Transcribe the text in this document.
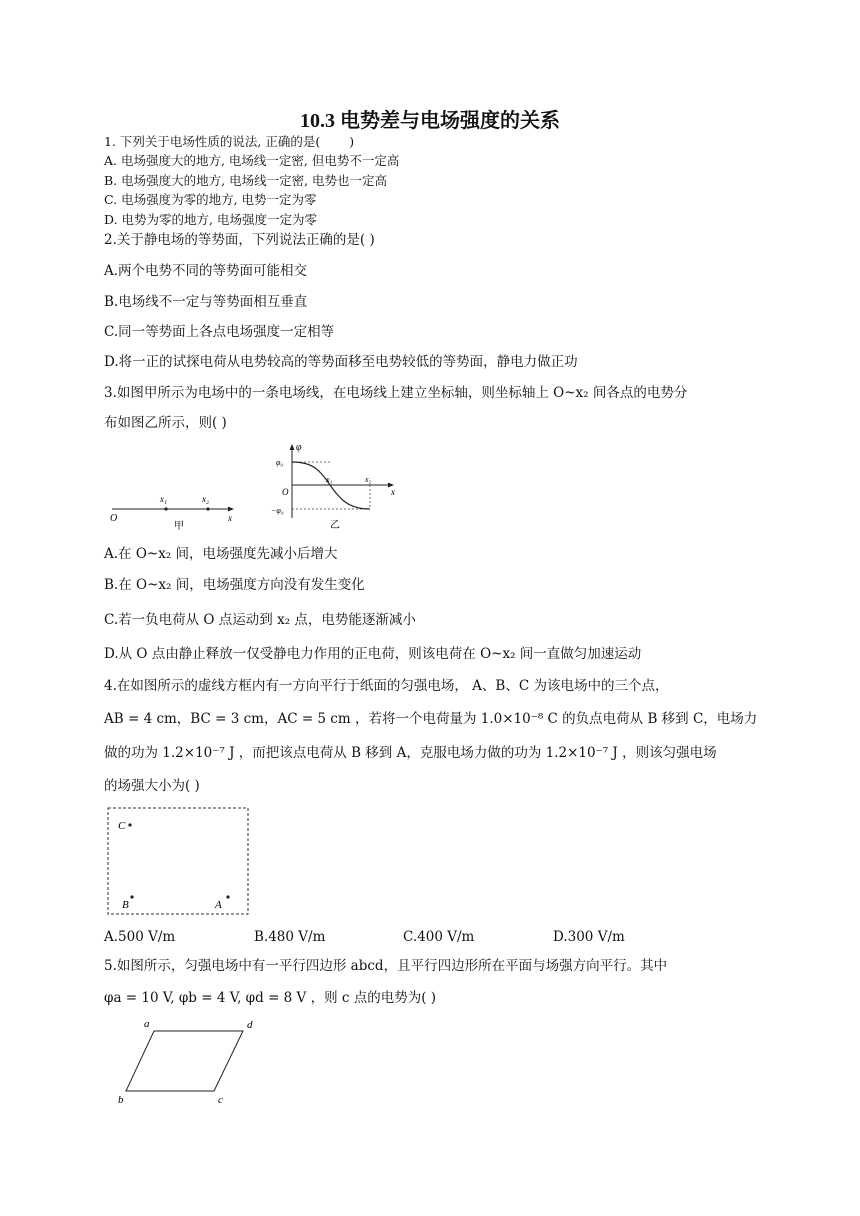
10.3 电势差与电场强度的关系
1. 下列关于电场性质的说法, 正确的是(　　 )
A. 电场强度大的地方, 电场线一定密, 但电势不一定高
B. 电场强度大的地方, 电场线一定密, 电势也一定高
C. 电场强度为零的地方, 电势一定为零
D. 电势为零的地方, 电场强度一定为零
2.关于静电场的等势面，下列说法正确的是( )
A.两个电势不同的等势面可能相交
B.电场线不一定与等势面相互垂直
C.同一等势面上各点电场强度一定相等
D.将一正的试探电荷从电势较高的等势面移至电势较低的等势面，静电力做正功
3.如图甲所示为电场中的一条电场线，在电场线上建立坐标轴，则坐标轴上 O~x₂ 间各点的电势分
布如图乙所示，则( )
O
x₁	x₂
x
甲
φ
φ₀
O
−φ₀
x₁	x₂
x
乙
A.在 O~x₂ 间，电场强度先减小后增大
B.在 O~x₂ 间，电场强度方向没有发生变化
C.若一负电荷从 O 点运动到 x₂ 点，电势能逐渐减小
D.从 O 点由静止释放一仅受静电力作用的正电荷，则该电荷在 O~x₂ 间一直做匀加速运动
4.在如图所示的虚线方框内有一方向平行于纸面的匀强电场， A、B、C 为该电场中的三个点，
AB = 4 cm，BC = 3 cm，AC = 5 cm ，若将一个电荷量为 1.0×10⁻⁸ C 的负点电荷从 B 移到 C，电场力
做的功为 1.2×10⁻⁷ J ，而把该点电荷从 B 移到 A，克服电场力做的功为 1.2×10⁻⁷ J ，则该匀强电场
的场强大小为( )
C
B	A
A.500 V/m	B.480 V/m	C.400 V/m	D.300 V/m
5.如图所示，匀强电场中有一平行四边形 abcd，且平行四边形所在平面与场强方向平行。其中
φa = 10 V, φb = 4 V, φd = 8 V ，则 c 点的电势为( )
a	d
b	c
